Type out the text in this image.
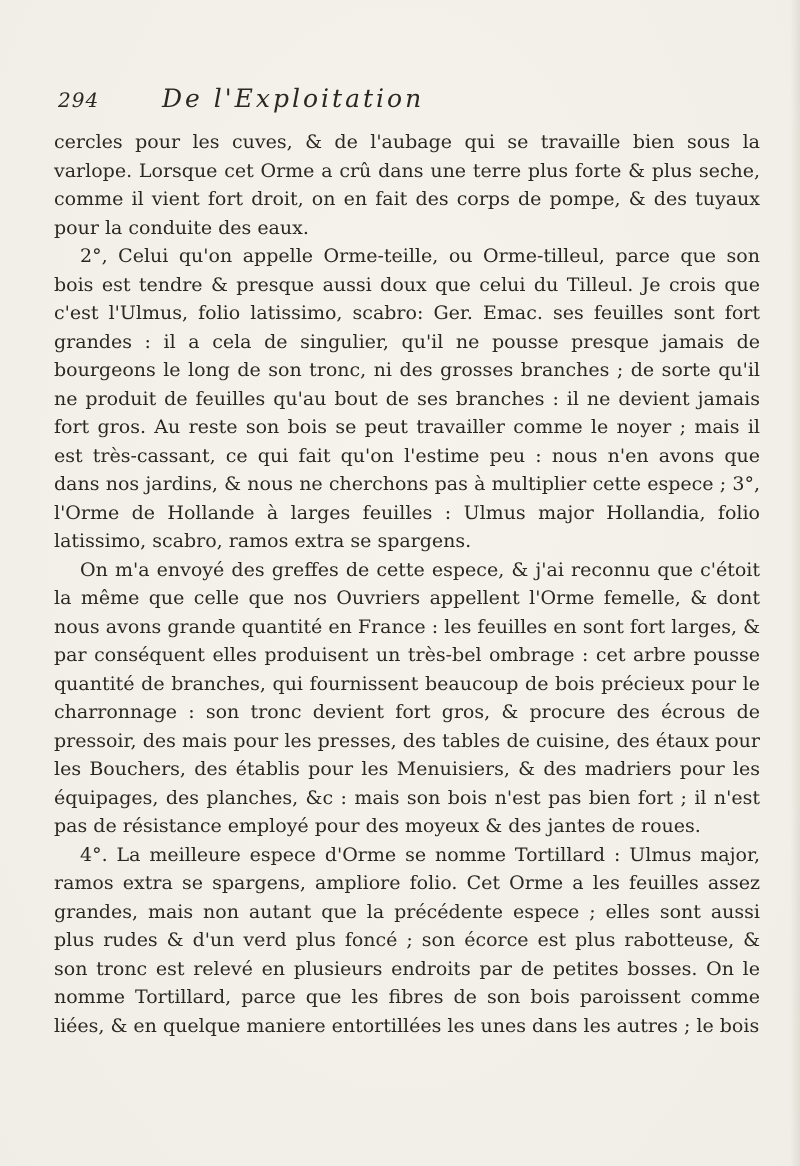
294	De l'Exploitation

cercles pour les cuves, & de l'aubage qui se travaille bien sous la varlope. Lorsque cet Orme a crû dans une terre plus forte & plus seche, comme il vient fort droit, on en fait des corps de pompe, & des tuyaux pour la conduite des eaux.

2°, Celui qu'on appelle Orme-teille, ou Orme-tilleul, parce que son bois est tendre & presque aussi doux que celui du Tilleul. Je crois que c'est l'Ulmus, folio latissimo, scabro: Ger. Emac. ses feuilles sont fort grandes : il a cela de singulier, qu'il ne pousse presque jamais de bourgeons le long de son tronc, ni des grosses branches ; de sorte qu'il ne produit de feuilles qu'au bout de ses branches : il ne devient jamais fort gros. Au reste son bois se peut travailler comme le noyer ; mais il est très-cassant, ce qui fait qu'on l'estime peu : nous n'en avons que dans nos jardins, & nous ne cherchons pas à multiplier cette espece ; 3°, l'Orme de Hollande à larges feuilles : Ulmus major Hollandia, folio latissimo, scabro, ramos extra se spargens.

On m'a envoyé des greffes de cette espece, & j'ai reconnu que c'étoit la même que celle que nos Ouvriers appellent l'Orme femelle, & dont nous avons grande quantité en France : les feuilles en sont fort larges, & par conséquent elles produisent un très-bel ombrage : cet arbre pousse quantité de branches, qui fournissent beaucoup de bois précieux pour le charronnage : son tronc devient fort gros, & procure des écrous de pressoir, des mais pour les presses, des tables de cuisine, des étaux pour les Bouchers, des établis pour les Menuisiers, & des madriers pour les équipages, des planches, &c : mais son bois n'est pas bien fort ; il n'est pas de résistance employé pour des moyeux & des jantes de roues.

4°. La meilleure espece d'Orme se nomme Tortillard : Ulmus major, ramos extra se spargens, ampliore folio. Cet Orme a les feuilles assez grandes, mais non autant que la précédente espece ; elles sont aussi plus rudes & d'un verd plus foncé ; son écorce est plus rabotteuse, & son tronc est relevé en plusieurs endroits par de petites bosses. On le nomme Tortillard, parce que les fibres de son bois paroissent comme liées, & en quelque maniere entortillées les unes dans les autres ; le bois
